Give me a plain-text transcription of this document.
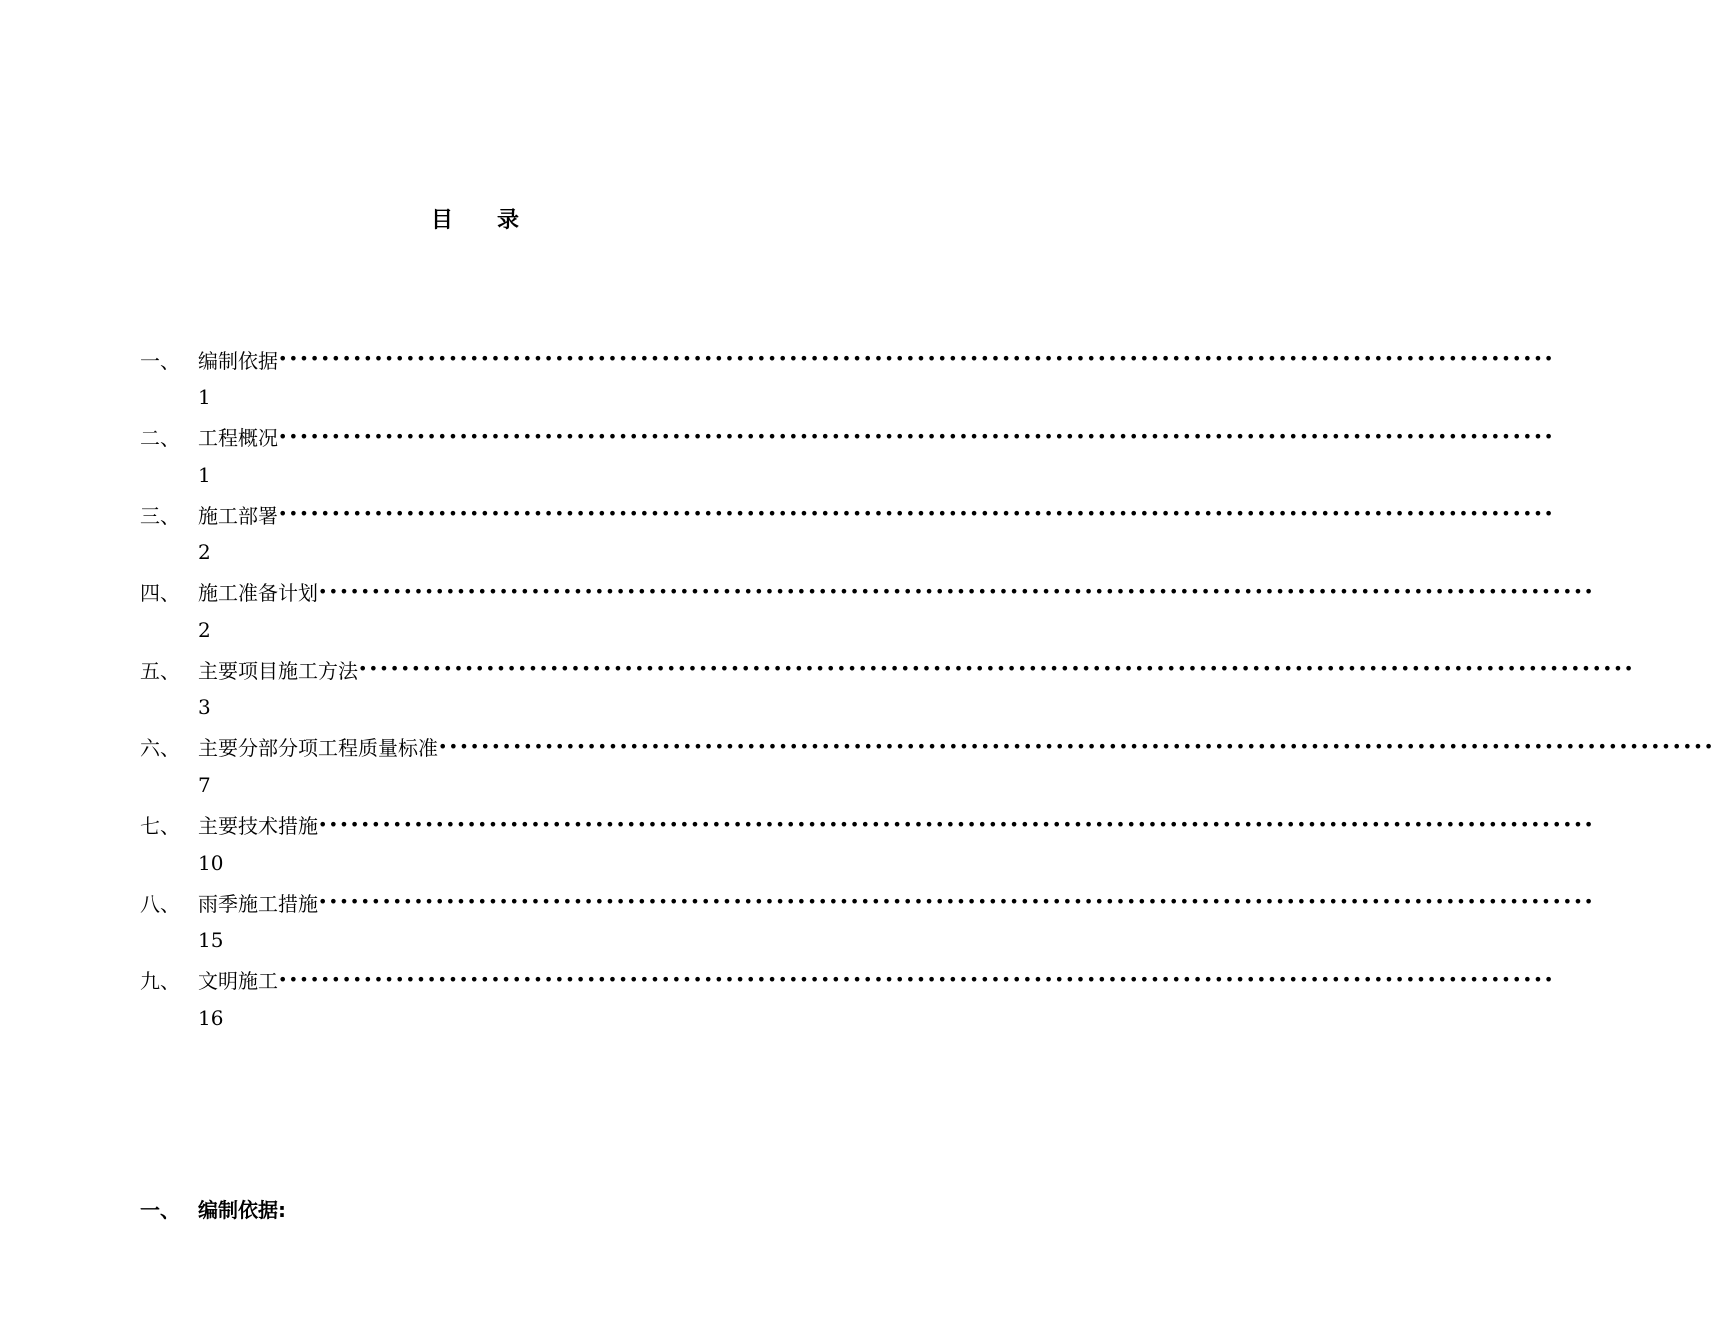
目　　录
一、 编制依据 ••••••••••••••••••••••••••••••••••••••••••••••••••••••••••••••••••••••••••••••••••••••••••••••••••••••••••••••••••••••••
1
二、 工程概况 ••••••••••••••••••••••••••••••••••••••••••••••••••••••••••••••••••••••••••••••••••••••••••••••••••••••••••••••••••••••••
1
三、 施工部署 ••••••••••••••••••••••••••••••••••••••••••••••••••••••••••••••••••••••••••••••••••••••••••••••••••••••••••••••••••••••••
2
四、 施工准备计划 ••••••••••••••••••••••••••••••••••••••••••••••••••••••••••••••••••••••••••••••••••••••••••••••••••••••••••••••••••••••••
2
五、 主要项目施工方法 ••••••••••••••••••••••••••••••••••••••••••••••••••••••••••••••••••••••••••••••••••••••••••••••••••••••••••••••••••••••••
3
六、 主要分部分项工程质量标准 ••••••••••••••••••••••••••••••••••••••••••••••••••••••••••••••••••••••••••••••••••••••••••••••••••••••••••••••••••••••••
7
七、 主要技术措施 ••••••••••••••••••••••••••••••••••••••••••••••••••••••••••••••••••••••••••••••••••••••••••••••••••••••••••••••••••••••••
10
八、 雨季施工措施 ••••••••••••••••••••••••••••••••••••••••••••••••••••••••••••••••••••••••••••••••••••••••••••••••••••••••••••••••••••••••
15
九、 文明施工 ••••••••••••••••••••••••••••••••••••••••••••••••••••••••••••••••••••••••••••••••••••••••••••••••••••••••••••••••••••••••
16
一、 编制依据:
